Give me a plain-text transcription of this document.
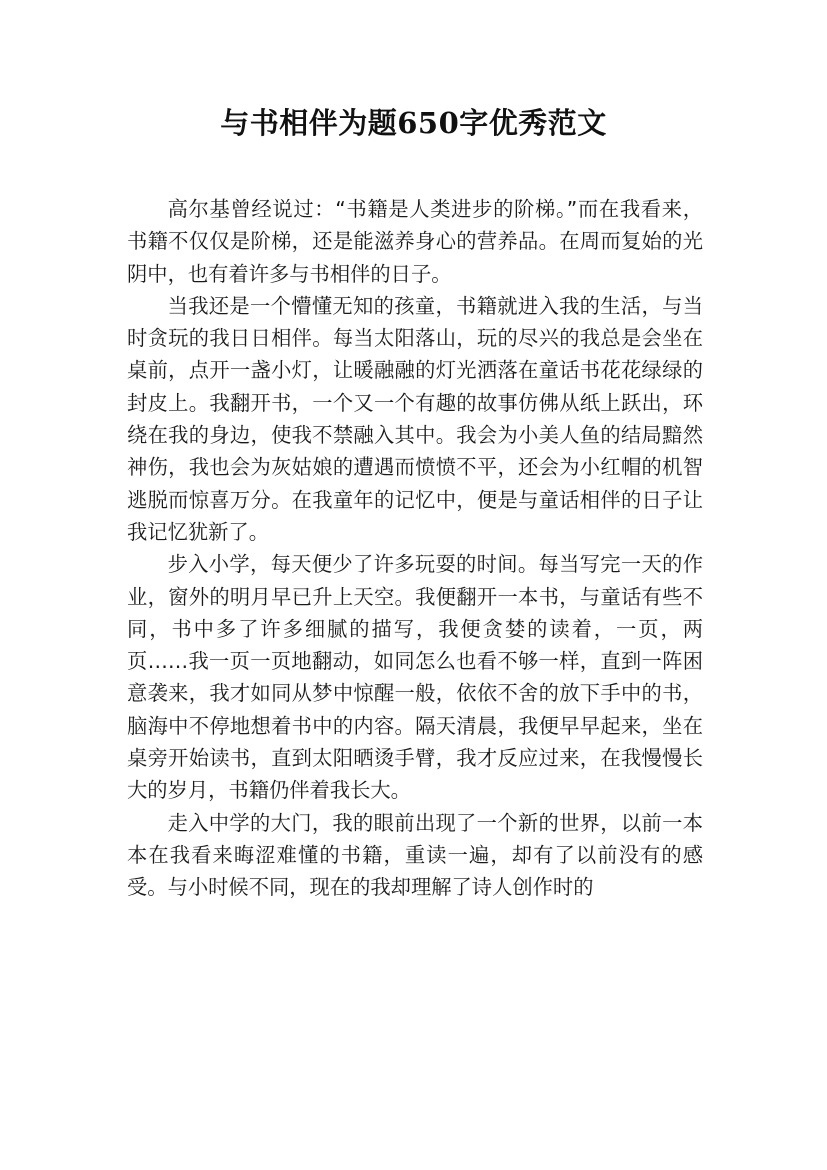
与书相伴为题650字优秀范文

高尔基曾经说过：“书籍是人类进步的阶梯。”而在我看来，书籍不仅仅是阶梯，还是能滋养身心的营养品。在周而复始的光阴中，也有着许多与书相伴的日子。

当我还是一个懵懂无知的孩童，书籍就进入我的生活，与当时贪玩的我日日相伴。每当太阳落山，玩的尽兴的我总是会坐在桌前，点开一盏小灯，让暖融融的灯光洒落在童话书花花绿绿的封皮上。我翻开书，一个又一个有趣的故事仿佛从纸上跃出，环绕在我的身边，使我不禁融入其中。我会为小美人鱼的结局黯然神伤，我也会为灰姑娘的遭遇而愤愤不平，还会为小红帽的机智逃脱而惊喜万分。在我童年的记忆中，便是与童话相伴的日子让我记忆犹新了。

步入小学，每天便少了许多玩耍的时间。每当写完一天的作业，窗外的明月早已升上天空。我便翻开一本书，与童话有些不同，书中多了许多细腻的描写，我便贪婪的读着，一页，两页……我一页一页地翻动，如同怎么也看不够一样，直到一阵困意袭来，我才如同从梦中惊醒一般，依依不舍的放下手中的书，脑海中不停地想着书中的内容。隔天清晨，我便早早起来，坐在桌旁开始读书，直到太阳晒烫手臂，我才反应过来，在我慢慢长大的岁月，书籍仍伴着我长大。

走入中学的大门，我的眼前出现了一个新的世界，以前一本本在我看来晦涩难懂的书籍，重读一遍，却有了以前没有的感受。与小时候不同，现在的我却理解了诗人创作时的
